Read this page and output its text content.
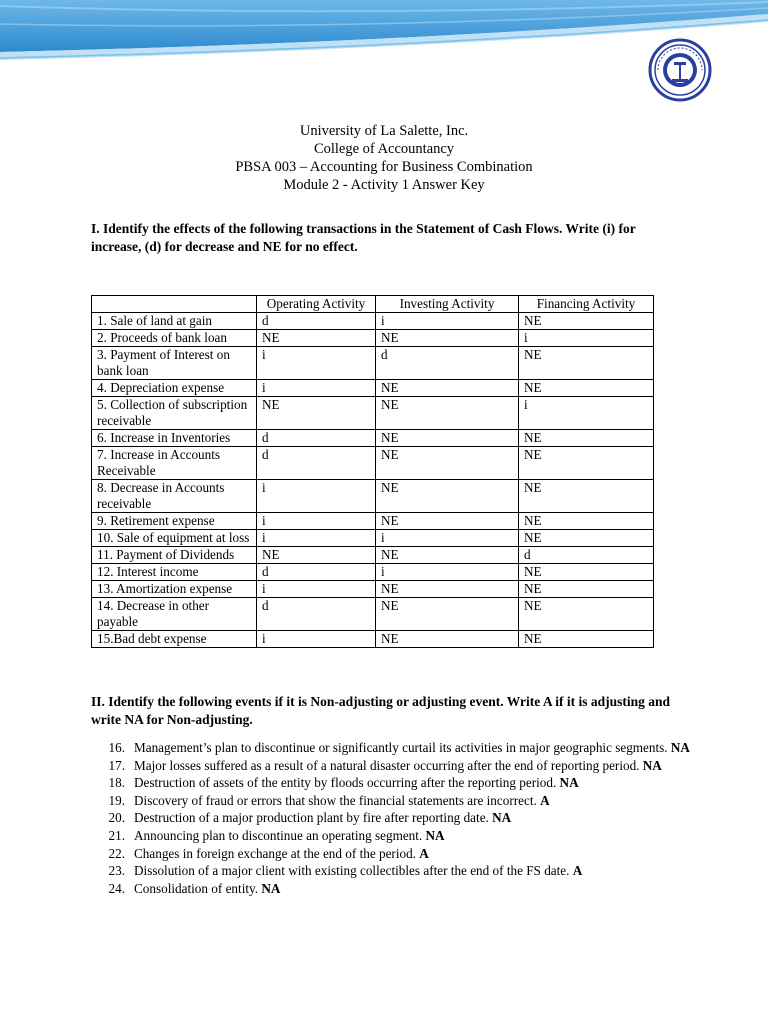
University of La Salette, Inc.
College of Accountancy
PBSA 003 – Accounting for Business Combination
Module 2 - Activity 1 Answer Key
I. Identify the effects of the following transactions in the Statement of Cash Flows. Write (i) for increase, (d) for decrease and NE for no effect.
	Operating Activity	Investing Activity	Financing Activity
1. Sale of land at gain	d	i	NE
2. Proceeds of bank loan	NE	NE	i
3. Payment of Interest on bank loan	i	d	NE
4. Depreciation expense	i	NE	NE
5. Collection of subscription receivable	NE	NE	i
6. Increase in Inventories	d	NE	NE
7. Increase in Accounts Receivable	d	NE	NE
8. Decrease in Accounts receivable	i	NE	NE
9. Retirement expense	i	NE	NE
10. Sale of equipment at loss	i	i	NE
11. Payment of Dividends	NE	NE	d
12. Interest income	d	i	NE
13. Amortization expense	i	NE	NE
14. Decrease in other payable	d	NE	NE
15.Bad debt expense	i	NE	NE
II. Identify the following events if it is Non-adjusting or adjusting event. Write A if it is adjusting and write NA for Non-adjusting.
16. Management’s plan to discontinue or significantly curtail its activities in major geographic segments. NA
17. Major losses suffered as a result of a natural disaster occurring after the end of reporting period. NA
18. Destruction of assets of the entity by floods occurring after the reporting period. NA
19. Discovery of fraud or errors that show the financial statements are incorrect. A
20. Destruction of a major production plant by fire after reporting date. NA
21. Announcing plan to discontinue an operating segment. NA
22. Changes in foreign exchange at the end of the period. A
23. Dissolution of a major client with existing collectibles after the end of the FS date. A
24. Consolidation of entity. NA
